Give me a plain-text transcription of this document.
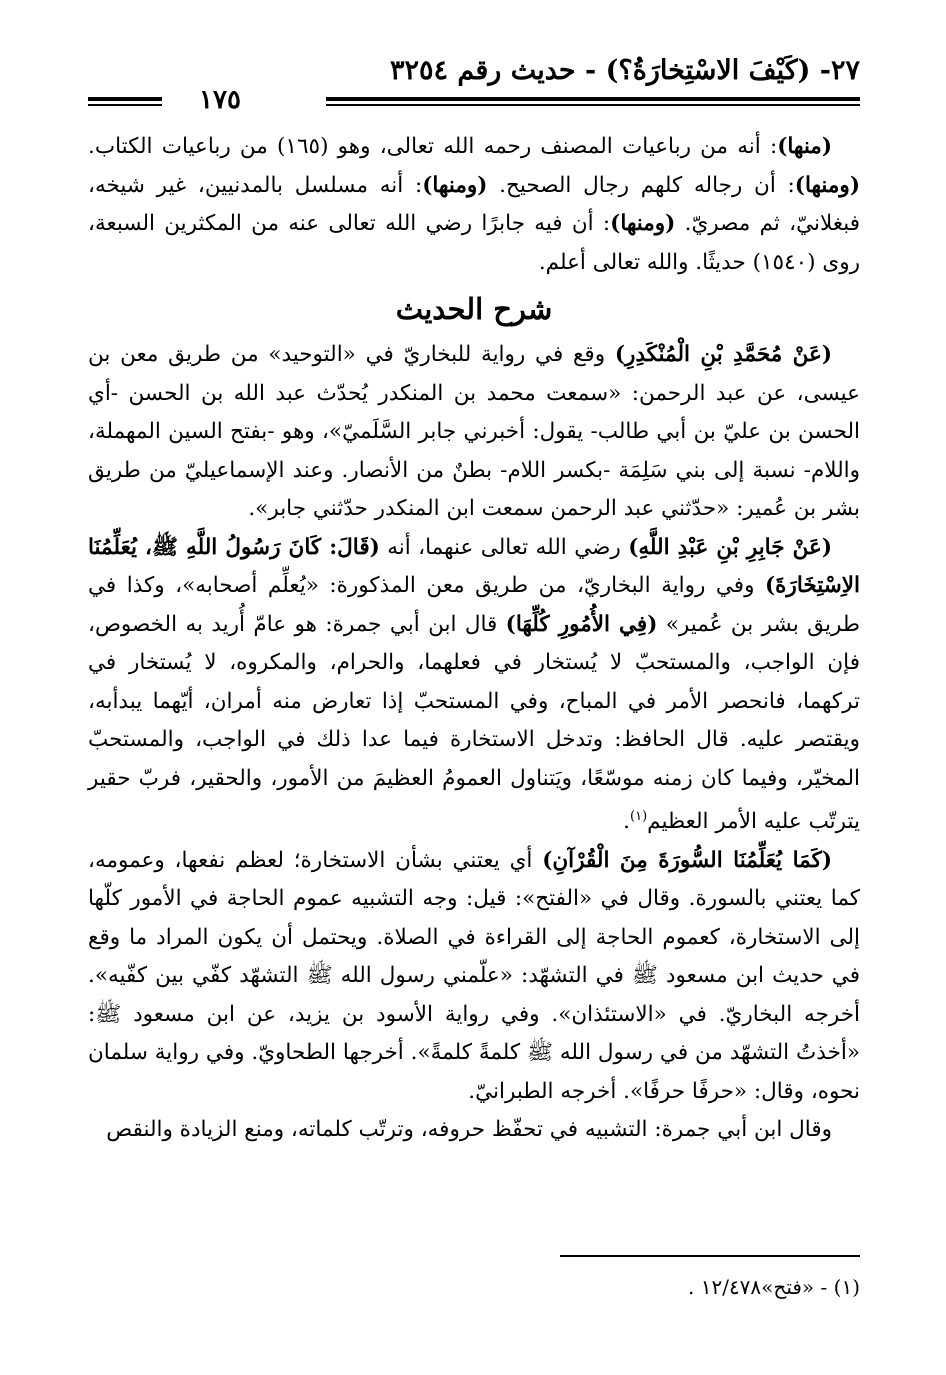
٢٧- (كَيْفَ الاسْتِخارَةُ؟) - حديث رقم ٣٢٥٤
١٧٥

(منها): أنه من رباعيات المصنف رحمه الله تعالى، وهو (١٦٥) من رباعيات الكتاب. (ومنها): أن رجاله كلهم رجال الصحيح. (ومنها): أنه مسلسل بالمدنيين، غير شيخه، فبغلانيّ، ثم مصريّ. (ومنها): أن فيه جابرًا رضي الله تعالى عنه من المكثرين السبعة، روى (١٥٤٠) حديثًا. والله تعالى أعلم.

شرح الحديث

(عَنْ مُحَمَّدِ بْنِ الْمُنْكَدِرِ) وقع في رواية للبخاريّ في «التوحيد» من طريق معن بن عيسى، عن عبد الرحمن: «سمعت محمد بن المنكدر يُحدّث عبد الله بن الحسن -أي الحسن بن عليّ بن أبي طالب- يقول: أخبرني جابر السَّلَميّ»، وهو -بفتح السين المهملة، واللام- نسبة إلى بني سَلِمَة -بكسر اللام- بطنٌ من الأنصار. وعند الإسماعيليّ من طريق بشر بن عُمير: «حدّثني عبد الرحمن سمعت ابن المنكدر حدّثني جابر».

(عَنْ جَابِرِ بْنِ عَبْدِ اللَّهِ) رضي الله تعالى عنهما، أنه (قَالَ: كَانَ رَسُولُ اللَّهِ ﷺ، يُعَلِّمُنَا الاِسْتِخَارَةَ) وفي رواية البخاريّ، من طريق معن المذكورة: «يُعلِّم أصحابه»، وكذا في طريق بشر بن عُمير» (فِي الأُمُورِ كُلِّهَا) قال ابن أبي جمرة: هو عامّ أُريد به الخصوص، فإن الواجب، والمستحبّ لا يُستخار في فعلهما، والحرام، والمكروه، لا يُستخار في تركهما، فانحصر الأمر في المباح، وفي المستحبّ إذا تعارض منه أمران، أيّهما يبدأبه، ويقتصر عليه. قال الحافظ: وتدخل الاستخارة فيما عدا ذلك في الواجب، والمستحبّ المخيّر، وفيما كان زمنه موسّعًا، ويَتناول العمومُ العظيمَ من الأمور، والحقير، فربّ حقير يترتّب عليه الأمر العظيم$^{(١)}$.

(كَمَا يُعَلِّمُنَا السُّورَةَ مِنَ الْقُرْآنِ) أي يعتني بشأن الاستخارة؛ لعظم نفعها، وعمومه، كما يعتني بالسورة. وقال في «الفتح»: قيل: وجه التشبيه عموم الحاجة في الأمور كلّها إلى الاستخارة، كعموم الحاجة إلى القراءة في الصلاة. ويحتمل أن يكون المراد ما وقع في حديث ابن مسعود ﷺ في التشهّد: «علّمني رسول الله ﷺ التشهّد كفّي بين كفّيه». أخرجه البخاريّ. في «الاستئذان». وفي رواية الأسود بن يزيد، عن ابن مسعود ﷺ: «أخذتُ التشهّد من في رسول الله ﷺ كلمةً كلمةً». أخرجها الطحاويّ. وفي رواية سلمان نحوه، وقال: «حرفًا حرفًا». أخرجه الطبرانيّ.

وقال ابن أبي جمرة: التشبيه في تحفّظ حروفه، وترتّب كلماته، ومنع الزيادة والنقص

(١) - «فتح»١٢/٤٧٨ .
